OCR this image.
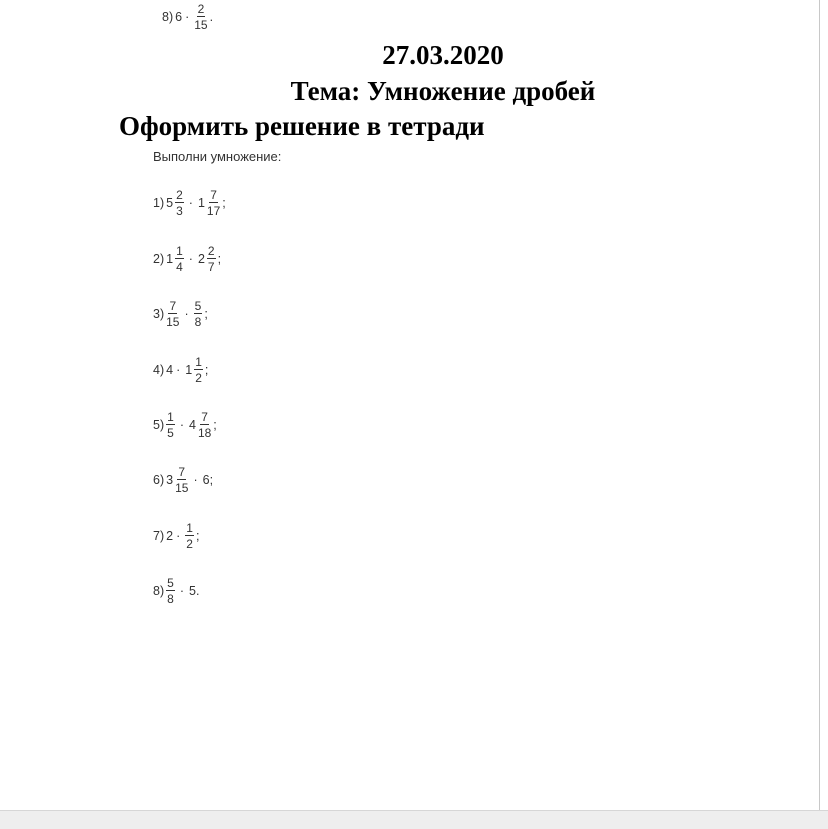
8) $6 \cdot \frac{2}{15}$ .
27.03.2020
Тема: Умножение дробей
Оформить решение в тетради
Выполни умножение:
1) $5 \frac{2}{3} \cdot 1 \frac{7}{17}$ ;
2) $1 \frac{1}{4} \cdot 2 \frac{2}{7}$ ;
$3) \frac{7}{15} \cdot \frac{5}{8}$ ;
4) $4 \cdot 1 \frac{1}{2}$ ;
$5) \frac{1}{5} \cdot 4 \frac{7}{18}$ ;
6) $3 \frac{7}{15} \cdot 6$ ;
7) $2 \cdot \frac{1}{2}$ ;
$8) \frac{5}{8} \cdot 5$ .
